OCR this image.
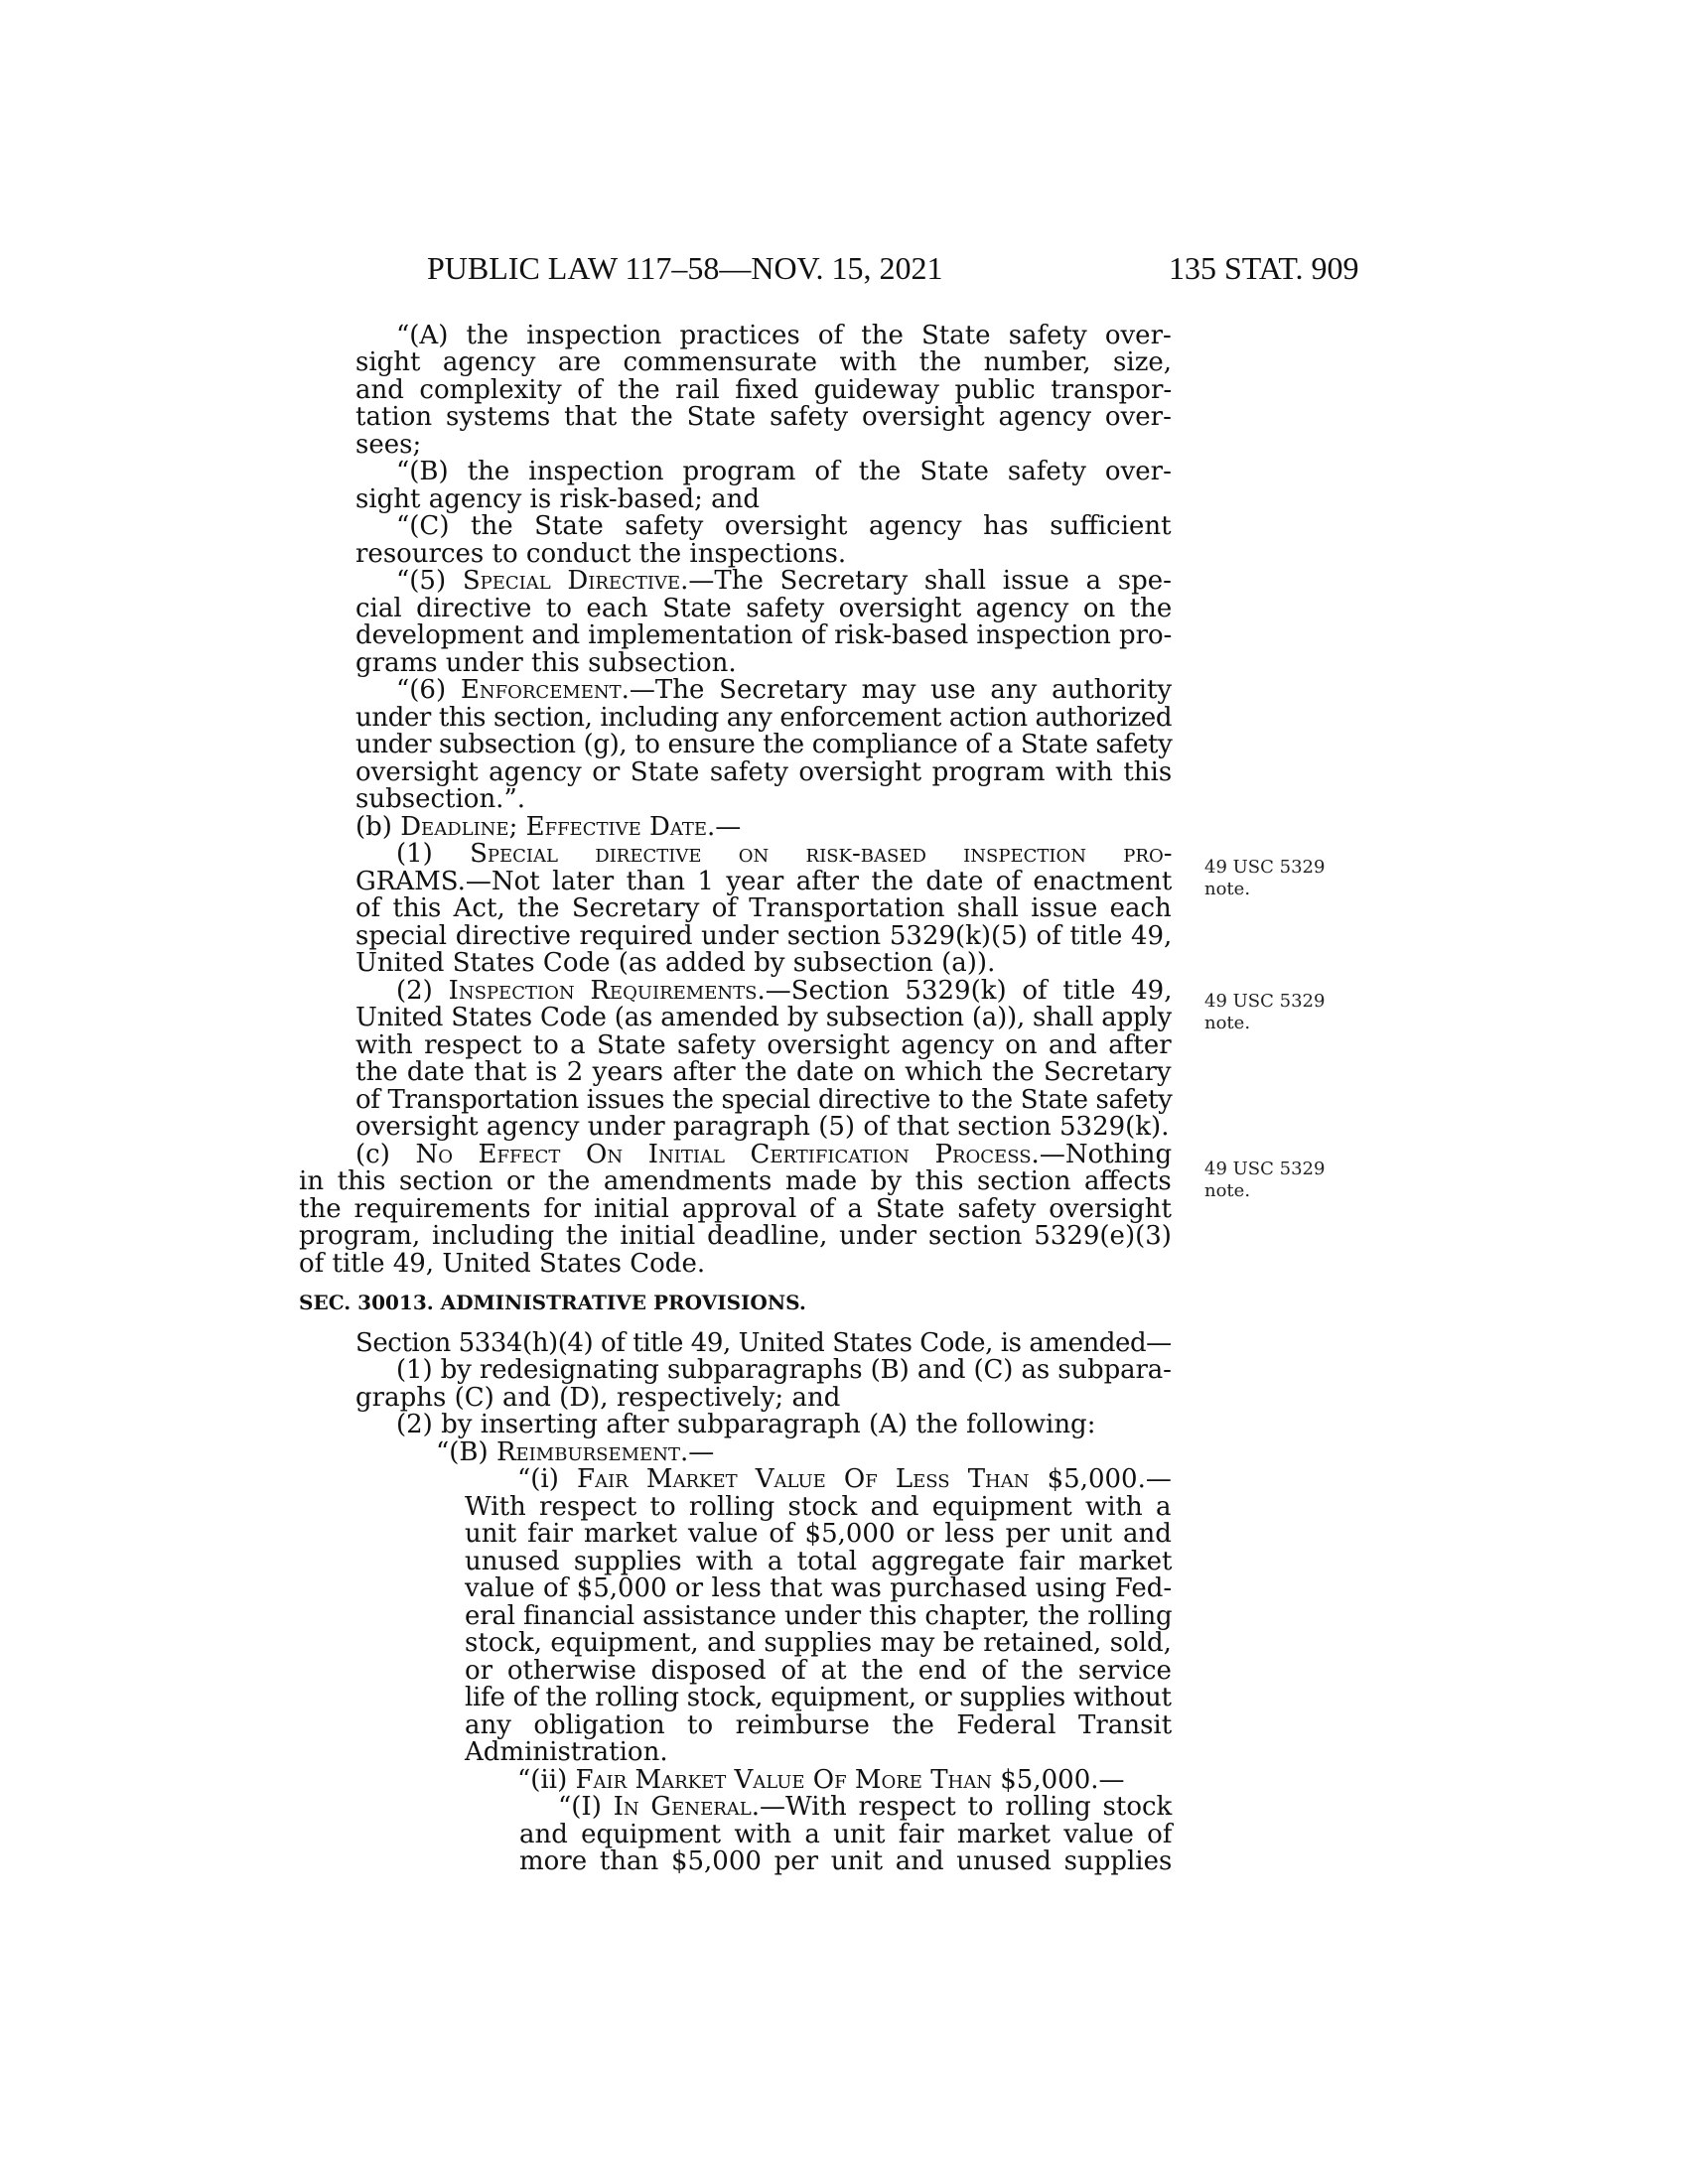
PUBLIC LAW 117–58—NOV. 15, 2021	135 STAT. 909
“(A) the inspection practices of the State safety over-
sight agency are commensurate with the number, size,
and complexity of the rail fixed guideway public transpor-
tation systems that the State safety oversight agency over-
sees;
“(B) the inspection program of the State safety over-
sight agency is risk-based; and
“(C) the State safety oversight agency has sufficient
resources to conduct the inspections.
“(5) Special Directive.—The Secretary shall issue a spe-
cial directive to each State safety oversight agency on the
development and implementation of risk-based inspection pro-
grams under this subsection.
“(6) Enforcement.—The Secretary may use any authority
under this section, including any enforcement action authorized
under subsection (g), to ensure the compliance of a State safety
oversight agency or State safety oversight program with this
subsection.”.
(b) Deadline; Effective Date.—
(1) Special directive on risk-based inspection pro-
GRAMS.—Not later than 1 year after the date of enactment
of this Act, the Secretary of Transportation shall issue each
special directive required under section 5329(k)(5) of title 49,
United States Code (as added by subsection (a)).
(2) Inspection Requirements.—Section 5329(k) of title 49,
United States Code (as amended by subsection (a)), shall apply
with respect to a State safety oversight agency on and after
the date that is 2 years after the date on which the Secretary
of Transportation issues the special directive to the State safety
oversight agency under paragraph (5) of that section 5329(k).
(c) No Effect On Initial Certification Process.—Nothing
in this section or the amendments made by this section affects
the requirements for initial approval of a State safety oversight
program, including the initial deadline, under section 5329(e)(3)
of title 49, United States Code.
SEC. 30013. ADMINISTRATIVE PROVISIONS.
Section 5334(h)(4) of title 49, United States Code, is amended—
(1) by redesignating subparagraphs (B) and (C) as subpara-
graphs (C) and (D), respectively; and
(2) by inserting after subparagraph (A) the following:
“(B) Reimbursement.—
“(i) Fair Market Value Of Less Than $5,000.—
With respect to rolling stock and equipment with a
unit fair market value of $5,000 or less per unit and
unused supplies with a total aggregate fair market
value of $5,000 or less that was purchased using Fed-
eral financial assistance under this chapter, the rolling
stock, equipment, and supplies may be retained, sold,
or otherwise disposed of at the end of the service
life of the rolling stock, equipment, or supplies without
any obligation to reimburse the Federal Transit
Administration.
“(ii) Fair Market Value Of More Than $5,000.—
“(I) In General.—With respect to rolling stock
and equipment with a unit fair market value of
more than $5,000 per unit and unused supplies
49 USC 5329
note.
49 USC 5329
note.
49 USC 5329
note.
